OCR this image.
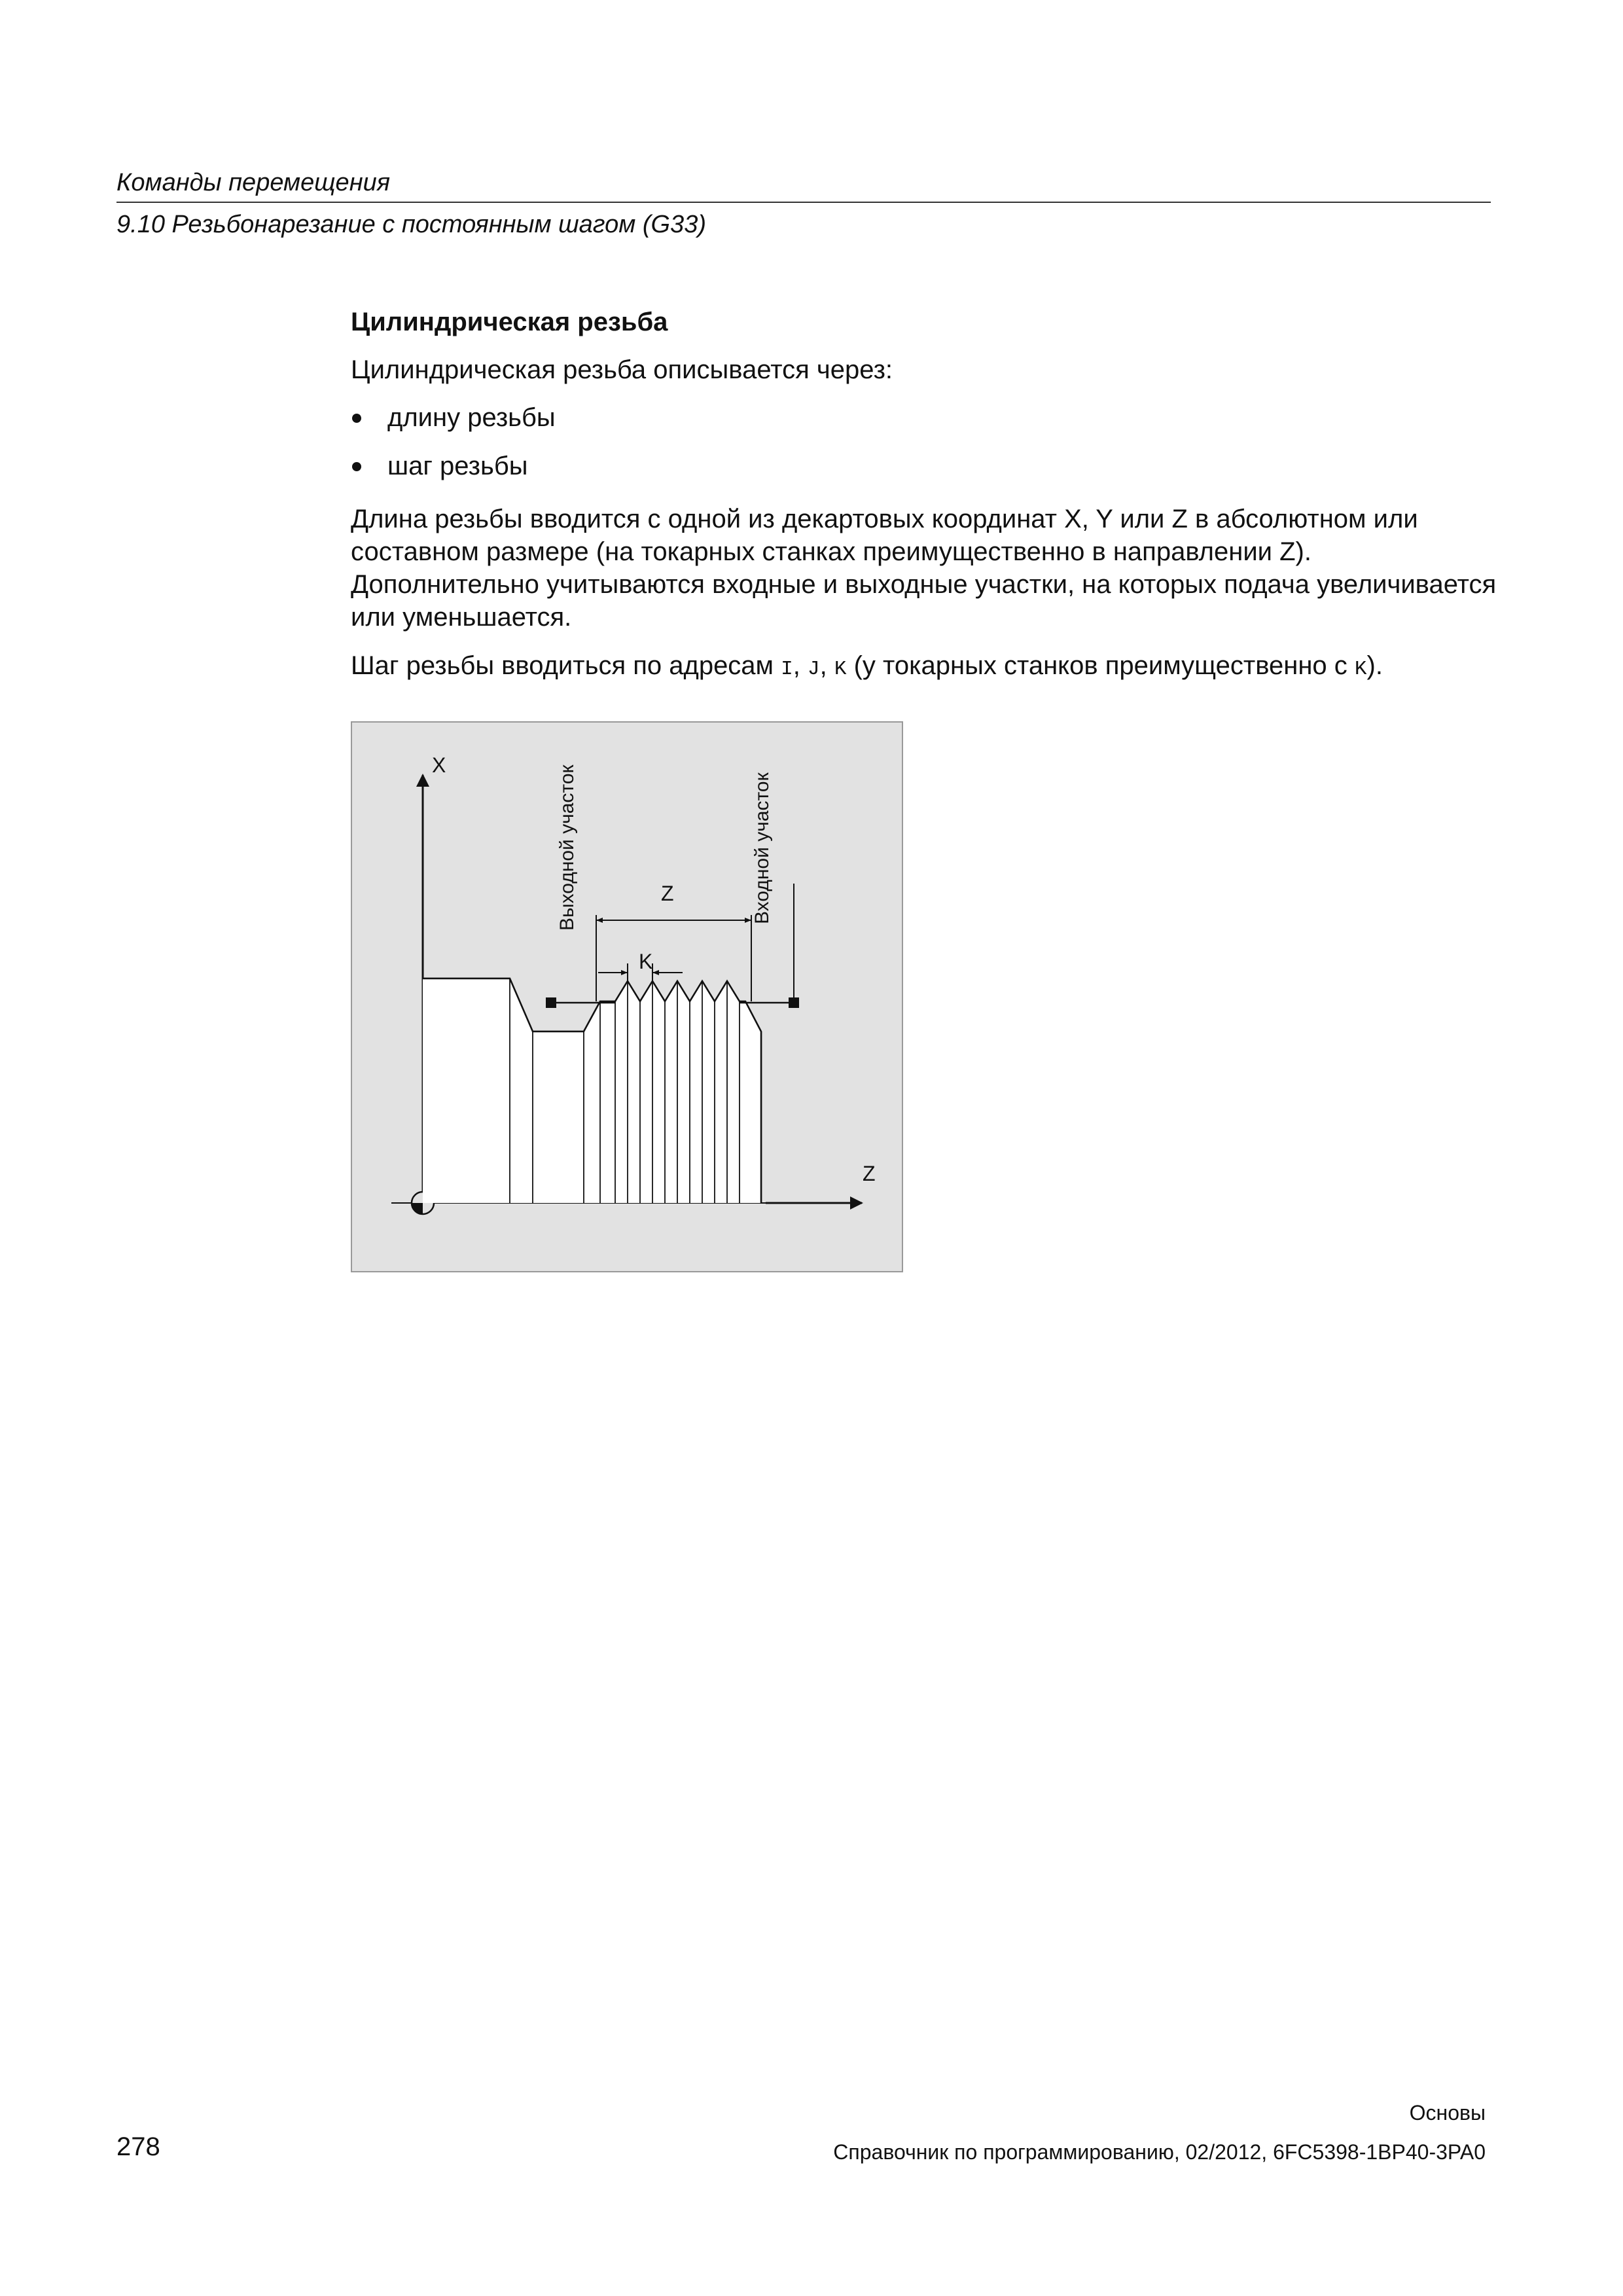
Команды перемещения
9.10 Резьбонарезание с постоянным шагом (G33)
Цилиндрическая резьба
Цилиндрическая резьба описывается через:
длину резьбы
шаг резьбы
Длина резьбы вводится с одной из декартовых координат X, Y или Z в абсолютном или составном размере (на токарных станках преимущественно в направлении Z). Дополнительно учитываются входные и выходные участки, на которых подача увеличивается или уменьшается.
Шаг резьбы вводиться по адресам I, J, K (у токарных станков преимущественно с K).
X
Z
Z
K
Выходной участок	Входной участок
278
Основы
Справочник по программированию, 02/2012, 6FC5398-1BP40-3PA0
